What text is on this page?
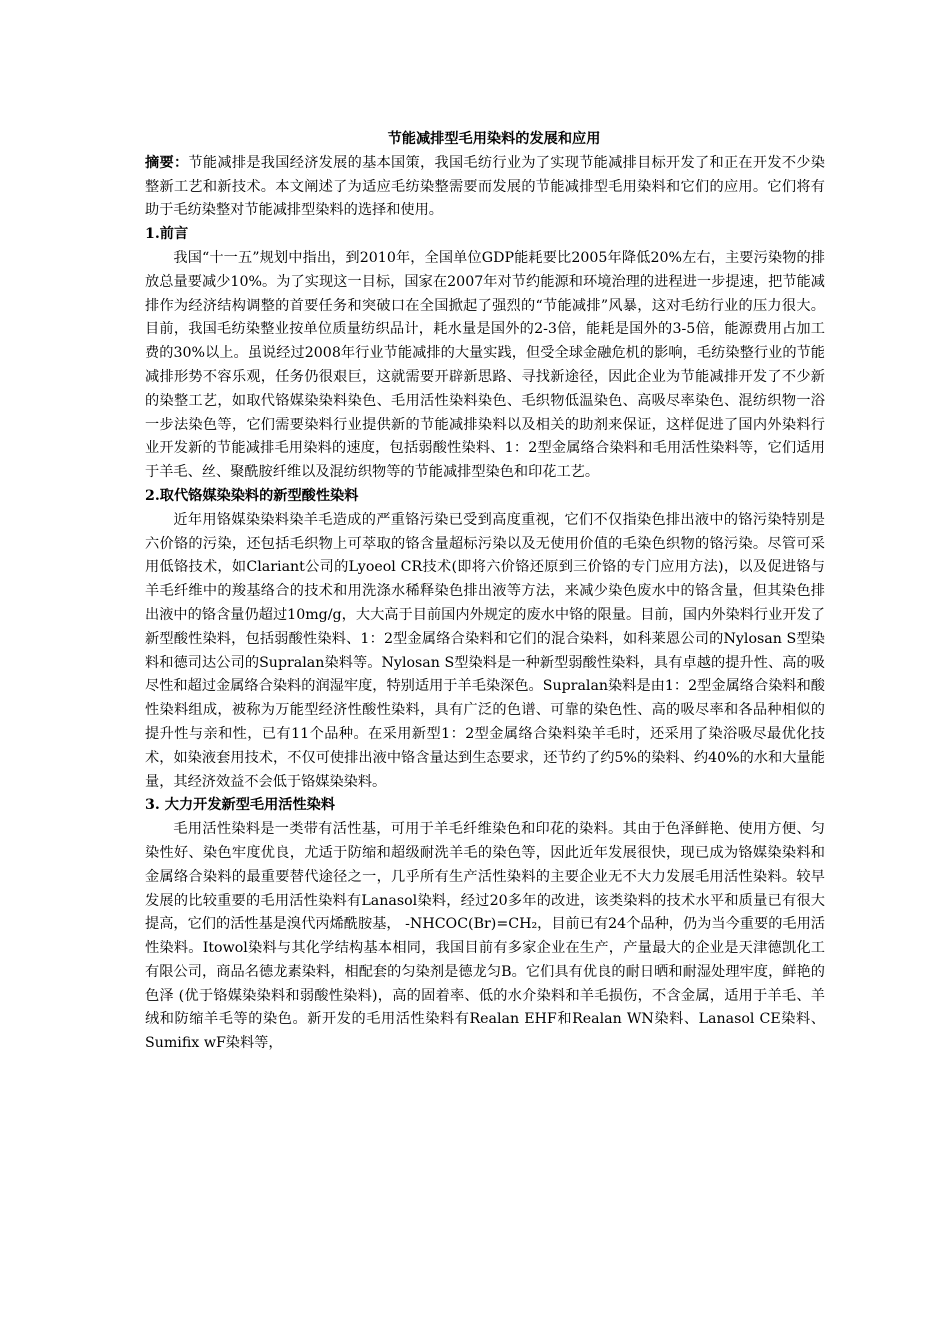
节能减排型毛用染料的发展和应用

摘要：节能减排是我国经济发展的基本国策，我国毛纺行业为了实现节能减排目标开发了和正在开发不少染整新工艺和新技术。本文阐述了为适应毛纺染整需要而发展的节能减排型毛用染料和它们的应用。它们将有助于毛纺染整对节能减排型染料的选择和使用。

1.前言

我国“十一五”规划中指出，到2010年，全国单位GDP能耗要比2005年降低20%左右，主要污染物的排放总量要减少10%。为了实现这一目标，国家在2007年对节约能源和环境治理的进程进一步提速，把节能减排作为经济结构调整的首要任务和突破口在全国掀起了强烈的“节能减排”风暴，这对毛纺行业的压力很大。目前，我国毛纺染整业按单位质量纺织品计，耗水量是国外的2-3倍，能耗是国外的3-5倍，能源费用占加工费的30%以上。虽说经过2008年行业节能减排的大量实践，但受全球金融危机的影响，毛纺染整行业的节能减排形势不容乐观，任务仍很艰巨，这就需要开辟新思路、寻找新途径，因此企业为节能减排开发了不少新的染整工艺，如取代铬媒染染料染色、毛用活性染料染色、毛织物低温染色、高吸尽率染色、混纺织物一浴一步法染色等，它们需要染料行业提供新的节能减排染料以及相关的助剂来保证，这样促进了国内外染料行业开发新的节能减排毛用染料的速度，包括弱酸性染料、1：2型金属络合染料和毛用活性染料等，它们适用于羊毛、丝、聚酰胺纤维以及混纺织物等的节能减排型染色和印花工艺。

2.取代铬媒染染料的新型酸性染料

近年用铬媒染染料染羊毛造成的严重铬污染已受到高度重视，它们不仅指染色排出液中的铬污染特别是六价铬的污染，还包括毛织物上可萃取的铬含量超标污染以及无使用价值的毛染色织物的铬污染。尽管可采用低铬技术，如Clariant公司的Lyoeol CR技术(即将六价铬还原到三价铬的专门应用方法)，以及促进铬与羊毛纤维中的羧基络合的技术和用洗涤水稀释染色排出液等方法，来减少染色废水中的铬含量，但其染色排出液中的铬含量仍超过10mg/g，大大高于目前国内外规定的废水中铬的限量。目前，国内外染料行业开发了新型酸性染料，包括弱酸性染料、1：2型金属络合染料和它们的混合染料，如科莱恩公司的Nylosan S型染料和德司达公司的Supralan染料等。Nylosan S型染料是一种新型弱酸性染料，具有卓越的提升性、高的吸尽性和超过金属络合染料的润湿牢度，特别适用于羊毛染深色。Supralan染料是由1：2型金属络合染料和酸性染料组成，被称为万能型经济性酸性染料，具有广泛的色谱、可靠的染色性、高的吸尽率和各品种相似的提升性与亲和性，已有11个品种。在采用新型1：2型金属络合染料染羊毛时，还采用了染浴吸尽最优化技术，如染液套用技术，不仅可使排出液中铬含量达到生态要求，还节约了约5%的染料、约40%的水和大量能量，其经济效益不会低于铬媒染染料。

3. 大力开发新型毛用活性染料

毛用活性染料是一类带有活性基，可用于羊毛纤维染色和印花的染料。其由于色泽鲜艳、使用方便、匀染性好、染色牢度优良，尤适于防缩和超级耐洗羊毛的染色等，因此近年发展很快，现已成为铬媒染染料和金属络合染料的最重要替代途径之一，几乎所有生产活性染料的主要企业无不大力发展毛用活性染料。较早发展的比较重要的毛用活性染料有Lanasol染料，经过20多年的改进，该类染料的技术水平和质量已有很大提高，它们的活性基是溴代丙烯酰胺基， -NHCOC(Br)=CH₂，目前已有24个品种，仍为当今重要的毛用活性染料。Itowol染料与其化学结构基本相同，我国目前有多家企业在生产，产量最大的企业是天津德凯化工有限公司，商品名德龙素染料，相配套的匀染剂是德龙匀B。它们具有优良的耐日晒和耐湿处理牢度，鲜艳的色泽 (优于铬媒染染料和弱酸性染料)，高的固着率、低的水介染料和羊毛损伤，不含金属，适用于羊毛、羊绒和防缩羊毛等的染色。新开发的毛用活性染料有Realan EHF和Realan WN染料、Lanasol CE染料、Sumifix wF染料等，
